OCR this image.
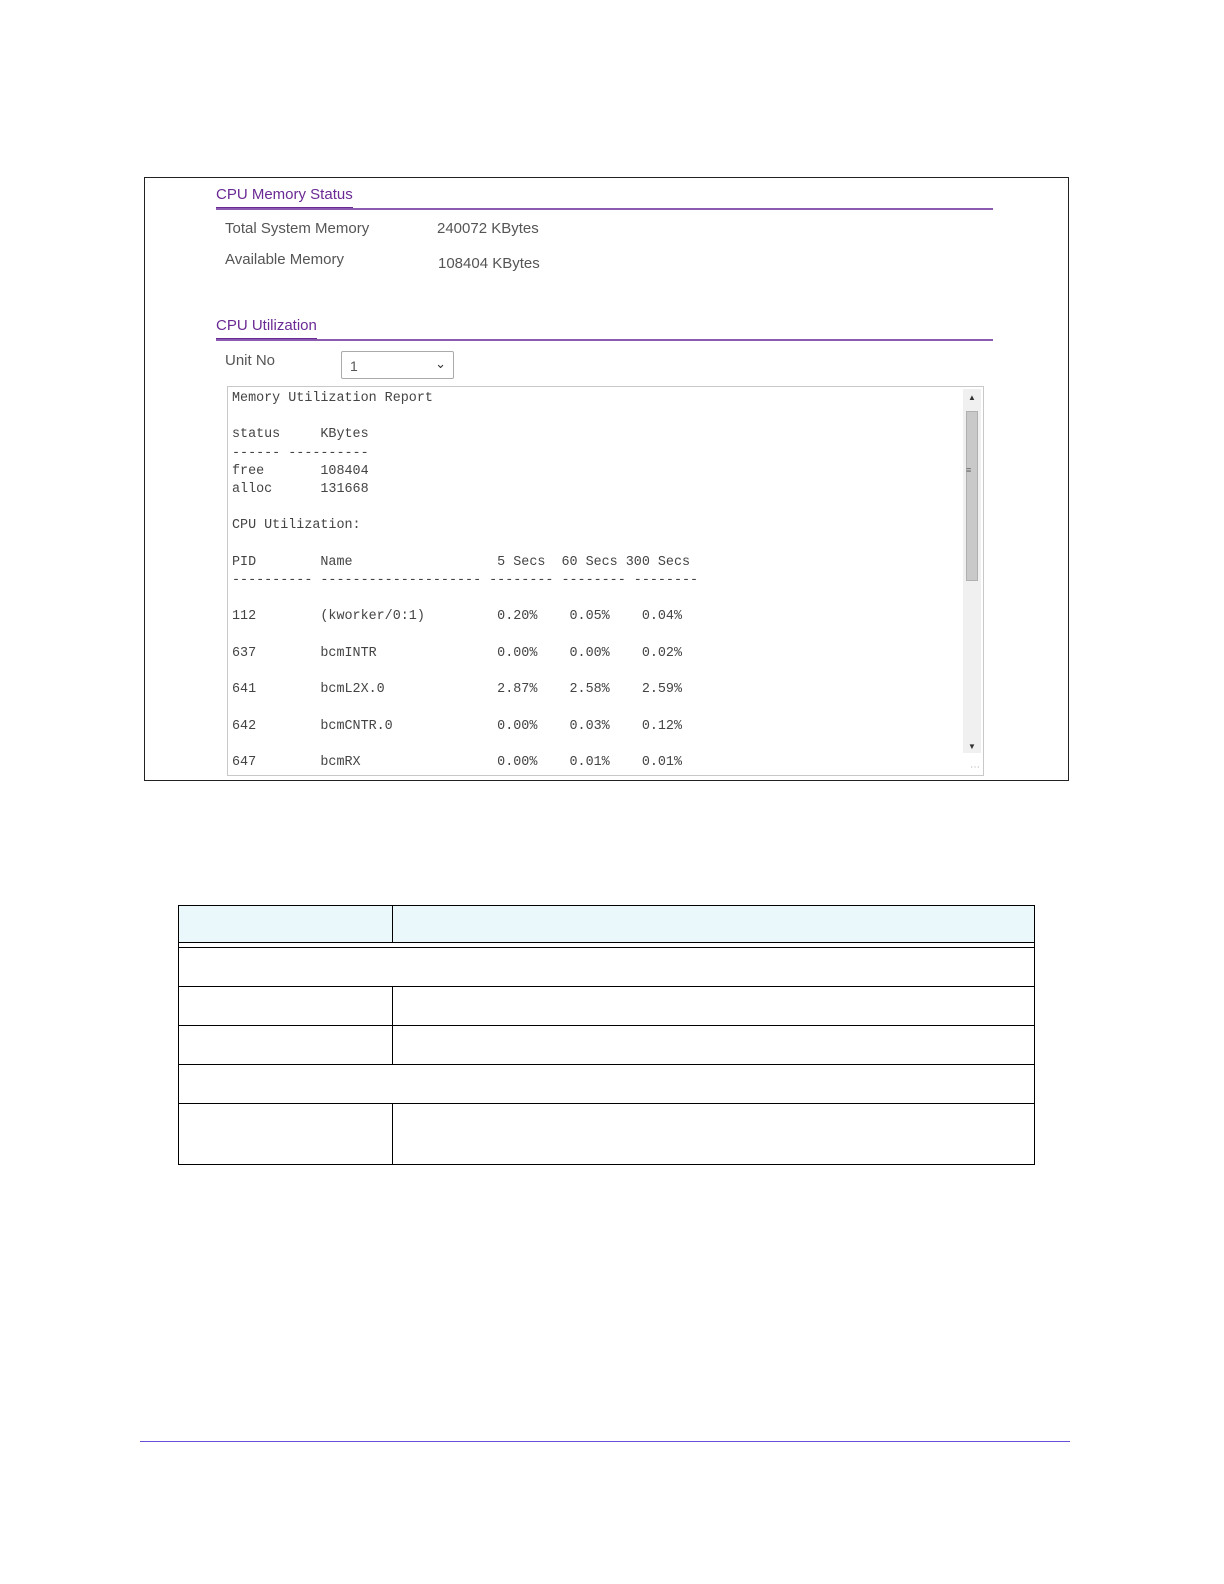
CPU Memory Status
Total System Memory	240072 KBytes
Available Memory	108404 KBytes
CPU Utilization
Unit No	1	⌄
Memory Utilization Report

status     KBytes
------ ----------
free       108404
alloc      131668

CPU Utilization:

PID        Name                  5 Secs  60 Secs 300 Secs
---------- -------------------- -------- -------- --------

112        (kworker/0:1)         0.20%    0.05%    0.04%

637        bcmINTR               0.00%    0.00%    0.02%

641        bcmL2X.0              2.87%    2.58%    2.59%

642        bcmCNTR.0             0.00%    0.03%    0.12%

647        bcmRX                 0.00%    0.01%    0.01%
▲
≡
▼
⋯
